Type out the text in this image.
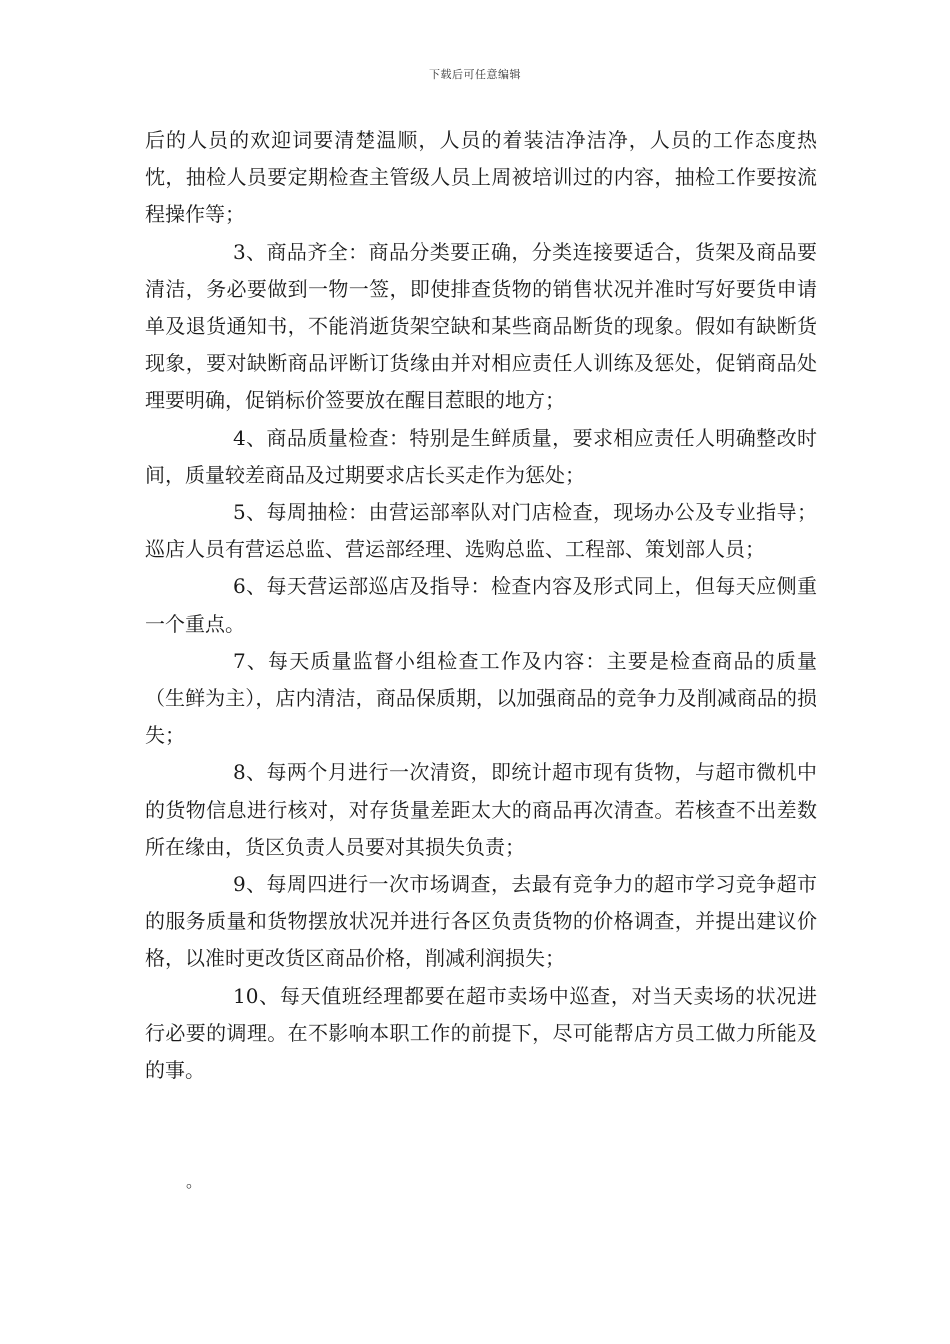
下载后可任意编辑

后的人员的欢迎词要清楚温顺，人员的着装洁净洁净，人员的工作态度热忱，抽检人员要定期检查主管级人员上周被培训过的内容，抽检工作要按流程操作等；

3、商品齐全：商品分类要正确，分类连接要适合，货架及商品要清洁，务必要做到一物一签，即使排查货物的销售状况并准时写好要货申请单及退货通知书，不能消逝货架空缺和某些商品断货的现象。假如有缺断货现象，要对缺断商品评断订货缘由并对相应责任人训练及惩处，促销商品处理要明确，促销标价签要放在醒目惹眼的地方；

4、商品质量检查：特别是生鲜质量，要求相应责任人明确整改时间，质量较差商品及过期要求店长买走作为惩处；

5、每周抽检：由营运部率队对门店检查，现场办公及专业指导；巡店人员有营运总监、营运部经理、选购总监、工程部、策划部人员；

6、每天营运部巡店及指导：检查内容及形式同上，但每天应侧重一个重点。

7、每天质量监督小组检查工作及内容：主要是检查商品的质量（生鲜为主），店内清洁，商品保质期，以加强商品的竞争力及削减商品的损失；

8、每两个月进行一次清资，即统计超市现有货物，与超市微机中的货物信息进行核对，对存货量差距太大的商品再次清查。若核查不出差数所在缘由，货区负责人员要对其损失负责；

9、每周四进行一次市场调查，去最有竞争力的超市学习竞争超市的服务质量和货物摆放状况并进行各区负责货物的价格调查，并提出建议价格，以准时更改货区商品价格，削减利润损失；

10、每天值班经理都要在超市卖场中巡查，对当天卖场的状况进行必要的调理。在不影响本职工作的前提下，尽可能帮店方员工做力所能及的事。

。
